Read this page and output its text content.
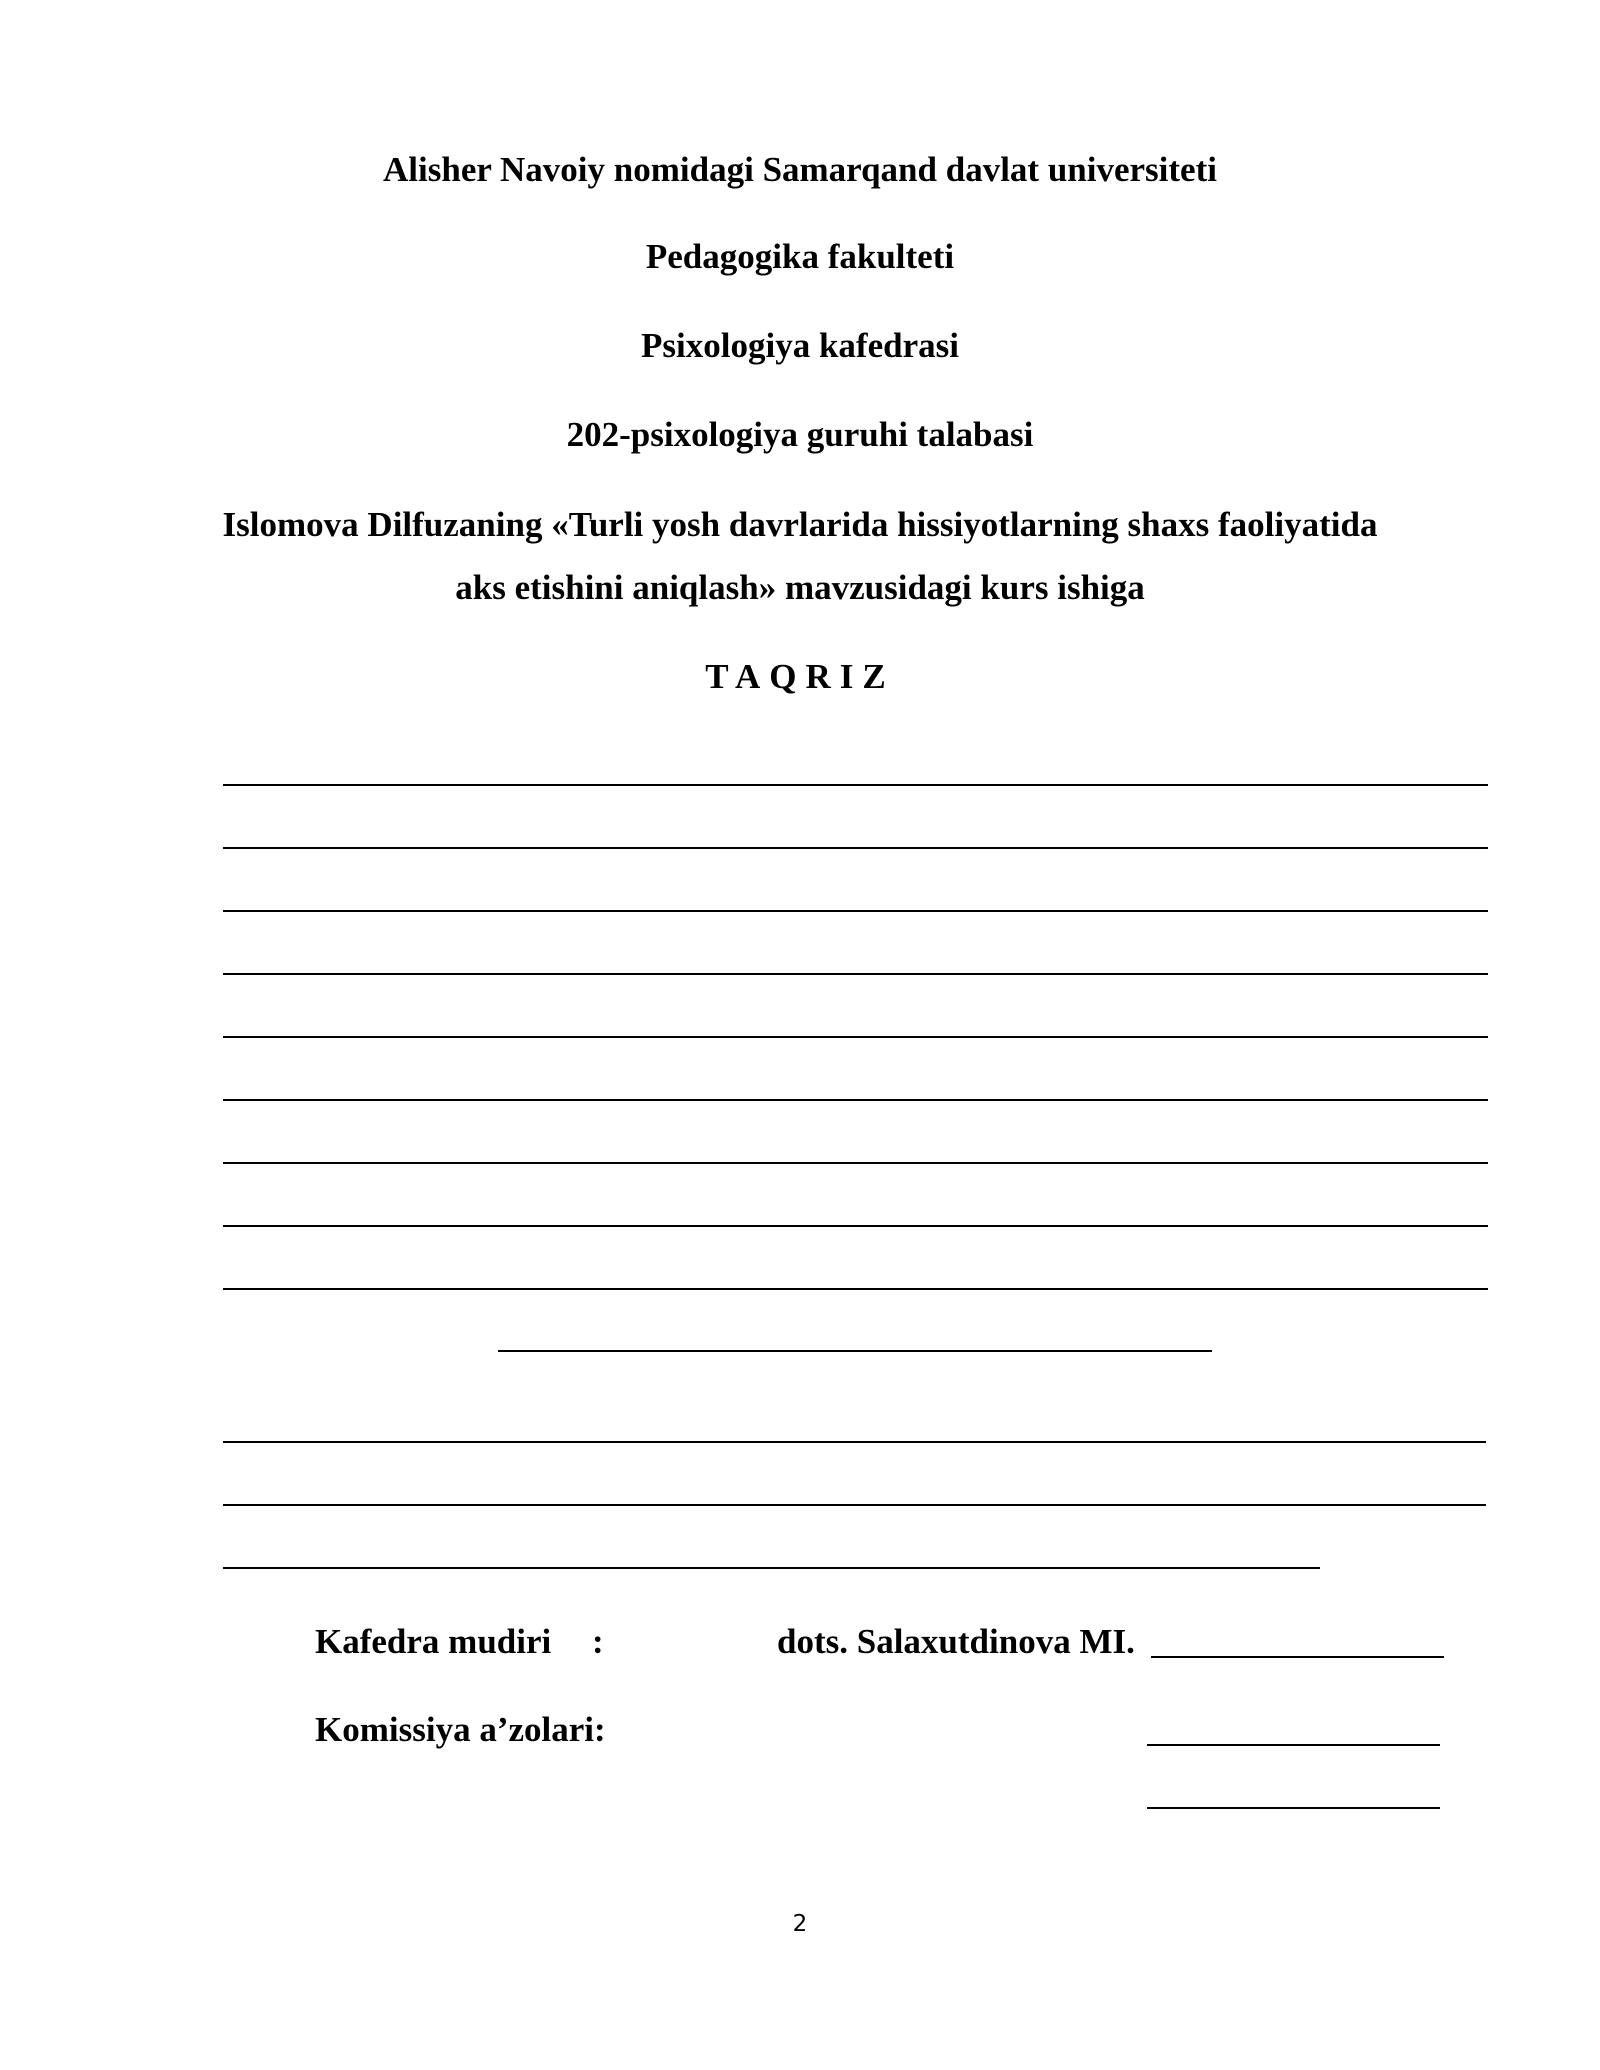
Alisher Navoiy nomidagi Samarqand davlat universiteti
Pedagogika fakulteti
Psixologiya kafedrasi
202-psixologiya guruhi talabasi
Islomova Dilfuzaning «Turli yosh davrlarida hissiyotlarning shaxs faoliyatida
aks etishini aniqlash» mavzusidagi kurs ishiga
TAQRIZ
Kafedra mudiri :	dots. Salaxutdinova MI.
Komissiya a’zolari:
2
